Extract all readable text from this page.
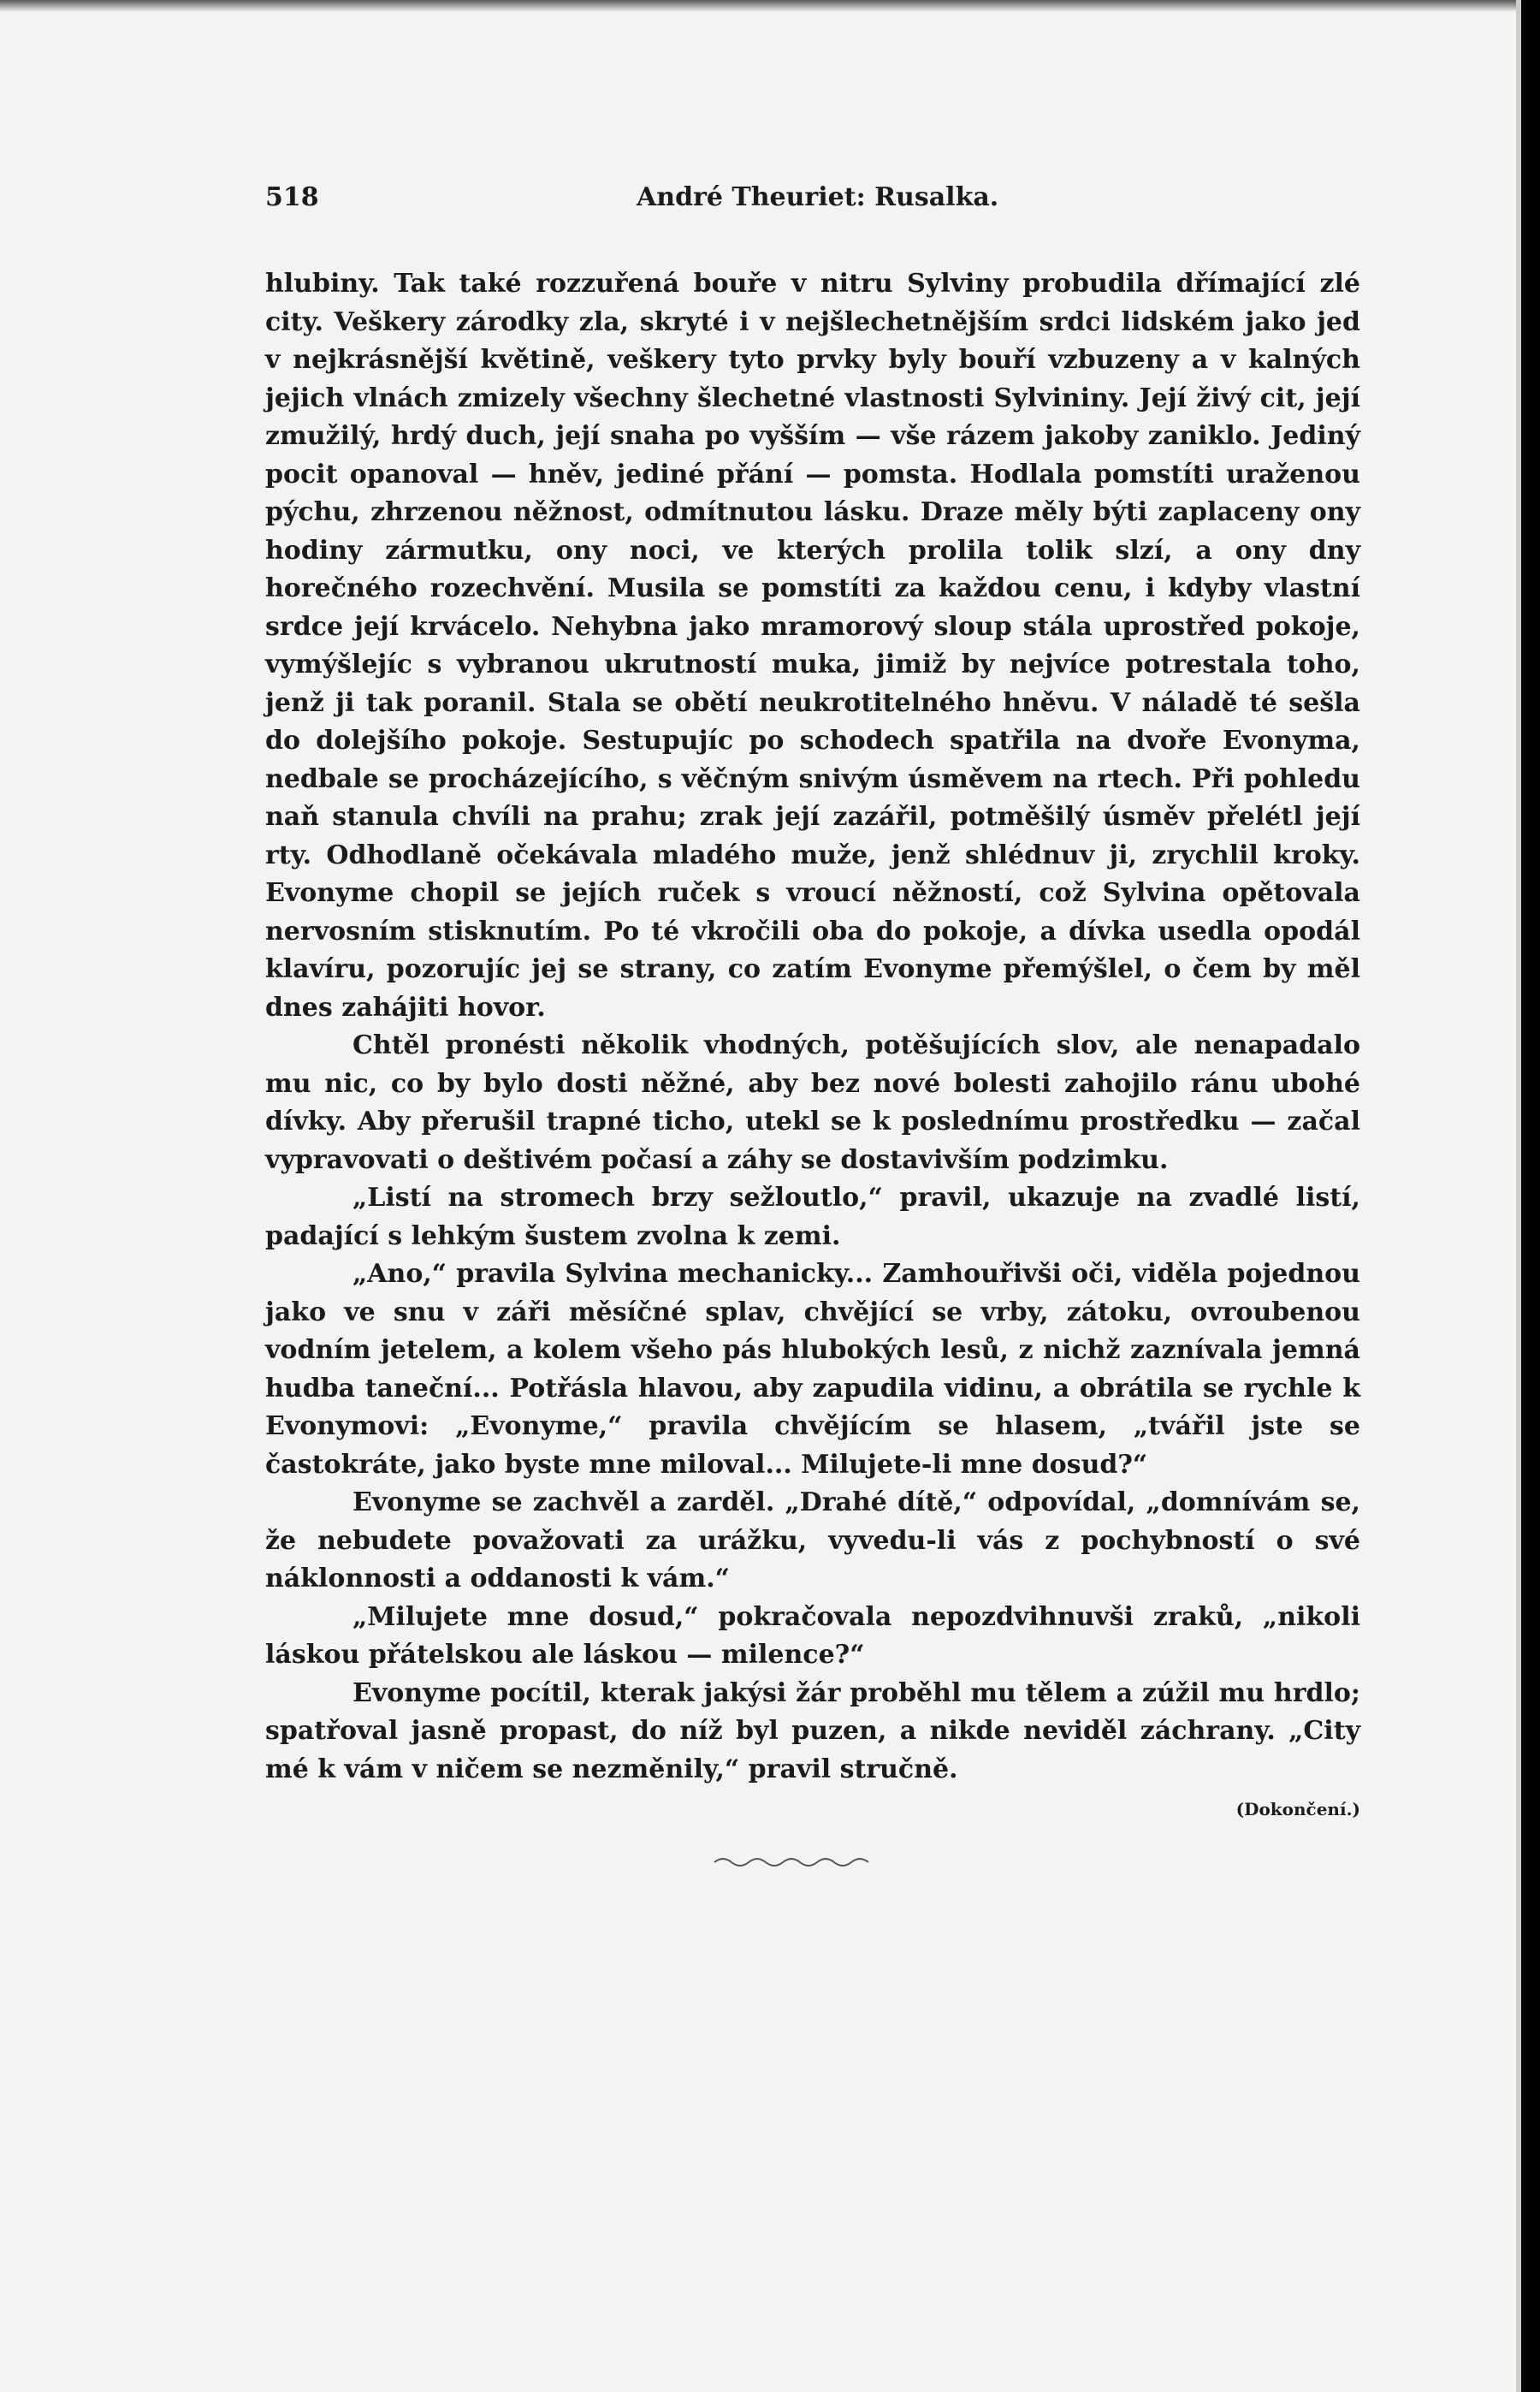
518	André Theuriet: Rusalka.

hlubiny. Tak také rozzuřená bouře v nitru Sylviny probudila dřímající zlé city. Veškery zárodky zla, skryté i v nejšlechetnějším srdci lidském jako jed v nejkrásnější květině, veškery tyto prvky byly bouří vzbuzeny a v kalných jejich vlnách zmizely všechny šlechetné vlastnosti Sylvininy. Její živý cit, její zmužilý, hrdý duch, její snaha po vyšším — vše rázem jakoby zaniklo. Jediný pocit opanoval — hněv, jediné přání — pomsta. Hodlala pomstíti uraženou pýchu, zhrzenou něžnost, odmítnutou lásku. Draze měly býti zaplaceny ony hodiny zármutku, ony noci, ve kterých prolila tolik slzí, a ony dny horečného rozechvění. Musila se pomstíti za každou cenu, i kdyby vlastní srdce její krvácelo. Nehybna jako mramorový sloup stála uprostřed pokoje, vymýšlejíc s vybranou ukrutností muka, jimiž by nejvíce potrestala toho, jenž ji tak poranil. Stala se obětí neukrotitelného hněvu. V náladě té sešla do dolejšího pokoje. Sestupujíc po schodech spatřila na dvoře Evonyma, nedbale se procházejícího, s věčným snivým úsměvem na rtech. Při pohledu naň stanula chvíli na prahu; zrak její zazářil, potměšilý úsměv přelétl její rty. Odhodlaně očekávala mladého muže, jenž shlédnuv ji, zrychlil kroky. Evonyme chopil se jejích ruček s vroucí něžností, což Sylvina opětovala nervosním stisknutím. Po té vkročili oba do pokoje, a dívka usedla opodál klavíru, pozorujíc jej se strany, co zatím Evonyme přemýšlel, o čem by měl dnes zahájiti hovor.

Chtěl pronésti několik vhodných, potěšujících slov, ale nenapadalo mu nic, co by bylo dosti něžné, aby bez nové bolesti zahojilo ránu ubohé dívky. Aby přerušil trapné ticho, utekl se k poslednímu prostředku — začal vypravovati o deštivém počasí a záhy se dostavivším podzimku.

„Listí na stromech brzy sežloutlo,“ pravil, ukazuje na zvadlé listí, padající s lehkým šustem zvolna k zemi.

„Ano,“ pravila Sylvina mechanicky... Zamhouřivši oči, viděla pojednou jako ve snu v záři měsíčné splav, chvějící se vrby, zátoku, ovroubenou vodním jetelem, a kolem všeho pás hlubokých lesů, z nichž zaznívala jemná hudba taneční... Potřásla hlavou, aby zapudila vidinu, a obrátila se rychle k Evonymovi: „Evonyme,“ pravila chvějícím se hlasem, „tvářil jste se častokráte, jako byste mne miloval... Milujete-li mne dosud?“

Evonyme se zachvěl a zarděl. „Drahé dítě,“ odpovídal, „domnívám se, že nebudete považovati za urážku, vyvedu-li vás z pochybností o své náklonnosti a oddanosti k vám.“

„Milujete mne dosud,“ pokračovala nepozdvihnuvši zraků, „nikoli láskou přátelskou ale láskou — milence?“

Evonyme pocítil, kterak jakýsi žár proběhl mu tělem a zúžil mu hrdlo; spatřoval jasně propast, do níž byl puzen, a nikde neviděl záchrany. „City mé k vám v ničem se nezměnily,“ pravil stručně.

(Dokončení.)
